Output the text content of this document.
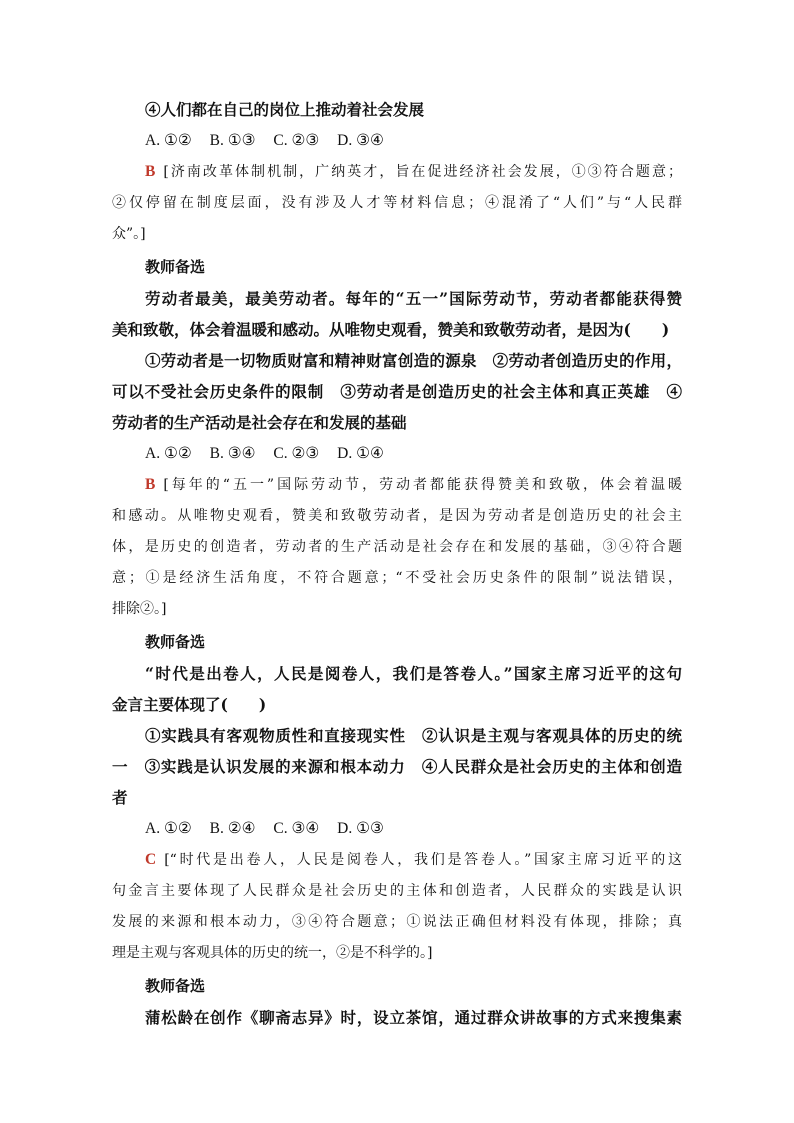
④人们都在自己的岗位上推动着社会发展
A. ①② B. ①③ C. ②③ D. ③④
B [济南改革体制机制，广纳英才，旨在促进经济社会发展，①③符合题意；
②仅停留在制度层面，没有涉及人才等材料信息；④混淆了“人们”与“人民群
众”。]
教师备选
劳动者最美，最美劳动者。每年的“五一”国际劳动节，劳动者都能获得赞
美和致敬，体会着温暖和感动。从唯物史观看，赞美和致敬劳动者，是因为(　　)
①劳动者是一切物质财富和精神财富创造的源泉　②劳动者创造历史的作用，
可以不受社会历史条件的限制　③劳动者是创造历史的社会主体和真正英雄　④
劳动者的生产活动是社会存在和发展的基础
A. ①② B. ③④ C. ②③ D. ①④
B [每年的“五一”国际劳动节，劳动者都能获得赞美和致敬，体会着温暖
和感动。从唯物史观看，赞美和致敬劳动者，是因为劳动者是创造历史的社会主
体，是历史的创造者，劳动者的生产活动是社会存在和发展的基础，③④符合题
意；①是经济生活角度，不符合题意；“不受社会历史条件的限制”说法错误，
排除②。]
教师备选
“时代是出卷人，人民是阅卷人，我们是答卷人。”国家主席习近平的这句
金言主要体现了(　　)
①实践具有客观物质性和直接现实性　②认识是主观与客观具体的历史的统
一　③实践是认识发展的来源和根本动力　④人民群众是社会历史的主体和创造
者
A. ①② B. ②④ C. ③④ D. ①③
C [“时代是出卷人，人民是阅卷人，我们是答卷人。”国家主席习近平的这
句金言主要体现了人民群众是社会历史的主体和创造者，人民群众的实践是认识
发展的来源和根本动力，③④符合题意；①说法正确但材料没有体现，排除；真
理是主观与客观具体的历史的统一，②是不科学的。]
教师备选
蒲松龄在创作《聊斋志异》时，设立茶馆，通过群众讲故事的方式来搜集素
